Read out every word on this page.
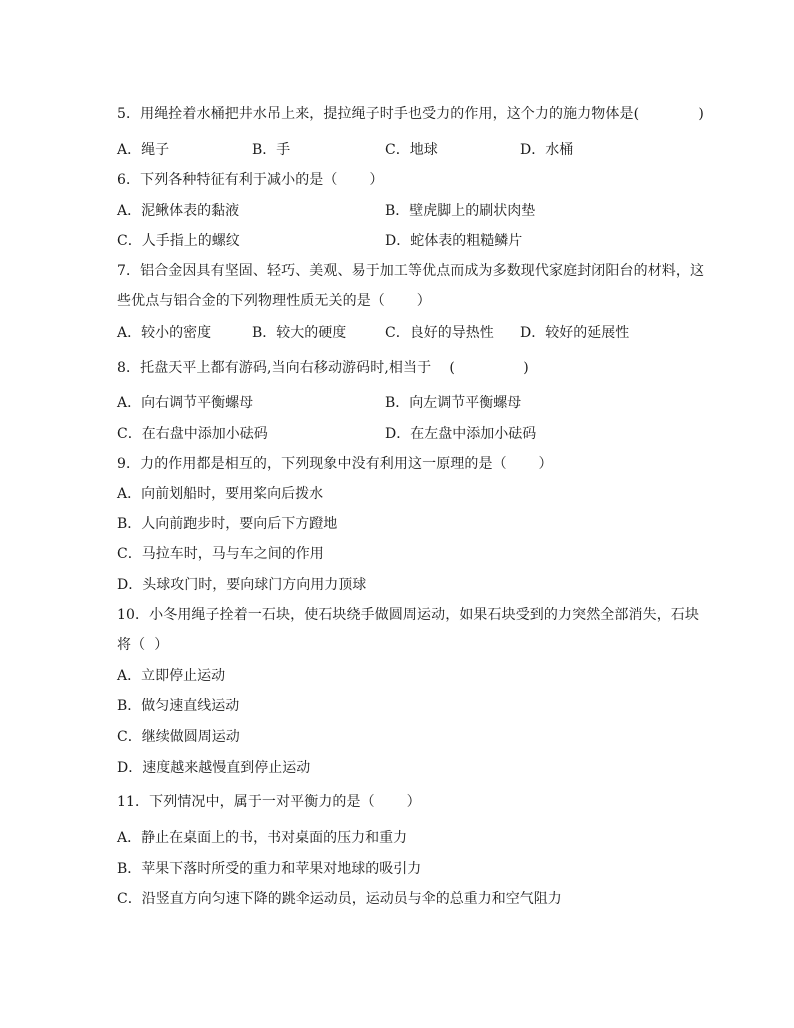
5．用绳拴着水桶把井水吊上来，提拉绳子时手也受力的作用，这个力的施力物体是(             )
A．绳子	B．手	C．地球	D．水桶
6．下列各种特征有利于减小的是（       ）
A．泥鳅体表的黏液	B．壁虎脚上的刷状肉垫
C．人手指上的螺纹	D．蛇体表的粗糙鳞片
7．铝合金因具有坚固、轻巧、美观、易于加工等优点而成为多数现代家庭封闭阳台的材料，这
些优点与铝合金的下列物理性质无关的是（       ）
A．较小的密度	B．较大的硬度	C．良好的导热性 D．较好的延展性
8．托盘天平上都有游码,当向右移动游码时,相当于    (               )
A．向右调节平衡螺母	B．向左调节平衡螺母
C．在右盘中添加小砝码	D．在左盘中添加小砝码
9．力的作用都是相互的，下列现象中没有利用这一原理的是（       ）
A．向前划船时，要用桨向后拨水
B．人向前跑步时，要向后下方蹬地
C．马拉车时，马与车之间的作用
D．头球攻门时，要向球门方向用力顶球
10．小冬用绳子拴着一石块，使石块绕手做圆周运动，如果石块受到的力突然全部消失，石块
将（  ）
A．立即停止运动
B．做匀速直线运动
C．继续做圆周运动
D．速度越来越慢直到停止运动
11．下列情况中，属于一对平衡力的是（       ）
A．静止在桌面上的书，书对桌面的压力和重力
B．苹果下落时所受的重力和苹果对地球的吸引力
C．沿竖直方向匀速下降的跳伞运动员，运动员与伞的总重力和空气阻力
